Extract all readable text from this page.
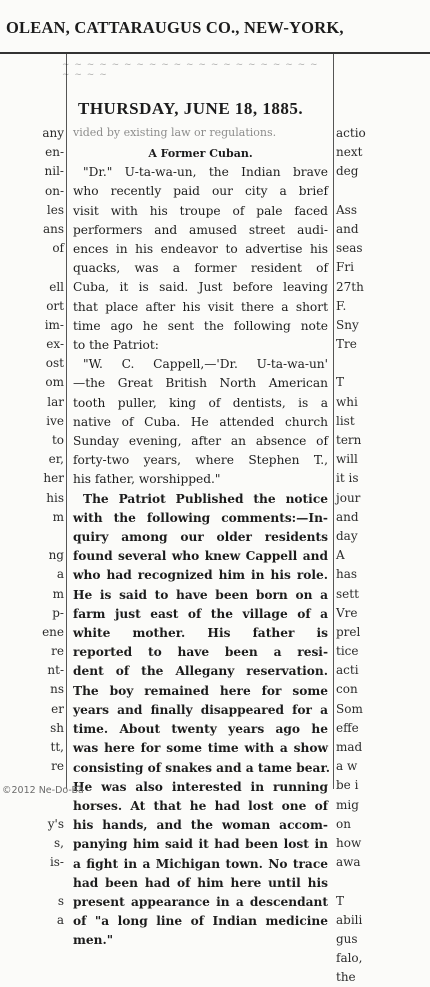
OLEAN, CATTARAUGUS CO., NEW-YORK,
~ ~ ~ ~ ~ ~ ~ ~ ~ ~ ~ ~ ~ ~ ~ ~ ~ ~ ~ ~ ~ ~ ~ ~ ~
THURSDAY, JUNE 18, 1885.
any
en-
nil-
on-
les
ans
of
ell
ort
im-
ex-
ost
om
lar
ive
to
er,
her
his
m
ng
a
m
p-
ene
re
nt-
ns
er
sh
tt,
re
y's
s,
is-
s
a
actio
next
deg
Ass
and
seas
Fri
27th
F.
Sny
Tre
T
whi
list
tern
will
it is
jour
and
day
A
has
sett
Vre
prel
tice
acti
con
Som
effe
mad
a w
be i
mig
on
how
awa
T
abili
gus
falo,
the
vided by existing law or regulations.
A Former Cuban.
"Dr." U-ta-wa-un, the Indian brave
who recently paid our city a brief
visit with his troupe of pale faced
performers and amused street audi-
ences in his endeavor to advertise his
quacks, was a former resident of
Cuba, it is said. Just before leaving
that place after his visit there a short
time ago he sent the following note
to the Patriot:
"W. C. Cappell,—'Dr. U-ta-wa-un'
—the Great British North American
tooth puller, king of dentists, is a
native of Cuba. He attended church
Sunday evening, after an absence of
forty-two years, where Stephen T.,
his father, worshipped."
The Patriot Published the notice
with the following comments:—In-
quiry among our older residents
found several who knew Cappell and
who had recognized him in his role.
He is said to have been born on a
farm just east of the village of a
white mother. His father is
reported to have been a resi-
dent of the Allegany reservation.
The boy remained here for some
years and finally disappeared for a
time. About twenty years ago he
was here for some time with a show
consisting of snakes and a tame bear.
He was also interested in running
horses. At that he had lost one of
his hands, and the woman accom-
panying him said it had been lost in
a fight in a Michigan town. No trace
had been had of him here until his
present appearance in a descendant
of "a long line of Indian medicine
men."
©2012 Ne-Do-Ba
